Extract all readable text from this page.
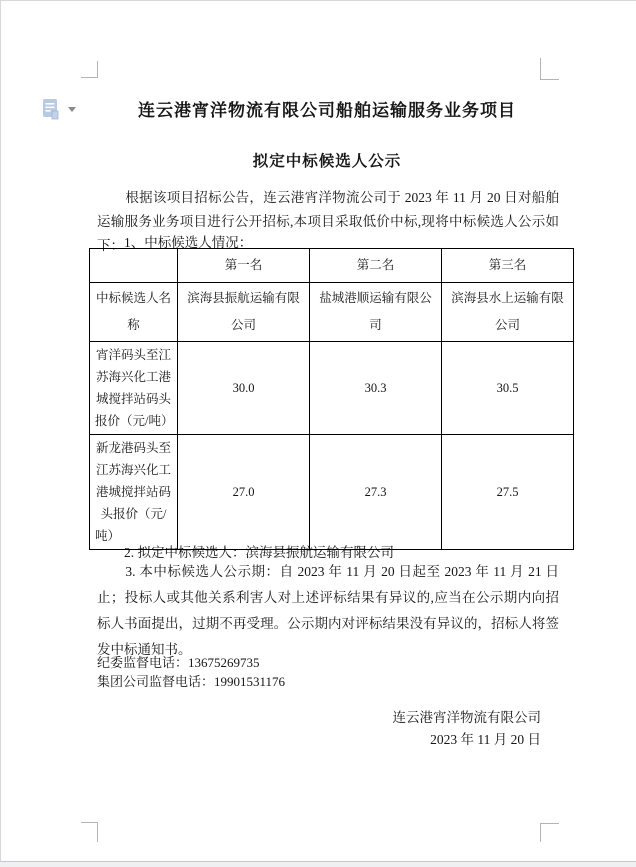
连云港宵洋物流有限公司船舶运输服务业务项目
拟定中标候选人公示

根据该项目招标公告，连云港宵洋物流公司于 2023 年 11 月 20 日对船舶运输服务业务项目进行公开招标,本项目采取低价中标,现将中标候选人公示如下： 1、中标候选人情况：

2. 拟定中标候选人：滨海县振航运输有限公司

3. 本中标候选人公示期：自 2023 年 11 月 20 日起至 2023 年 11 月 21 日止；投标人或其他关系利害人对上述评标结果有异议的,应当在公示期内向招标人书面提出，过期不再受理。公示期内对评标结果没有异议的，招标人将签发中标通知书。

纪委监督电话：13675269735
集团公司监督电话：19901531176
连云港宵洋物流有限公司
2023 年 11 月 20 日
	第一名	第二名	第三名
中标候选人名称	滨海县振航运输有限公司	盐城港顺运输有限公司	滨海县水上运输有限公司
宵洋码头至江苏海兴化工港城搅拌站码头报价（元/吨）	30.0	30.3	30.5
新龙港码头至江苏海兴化工港城搅拌站码头报价（元/吨）	27.0	27.3	27.5
